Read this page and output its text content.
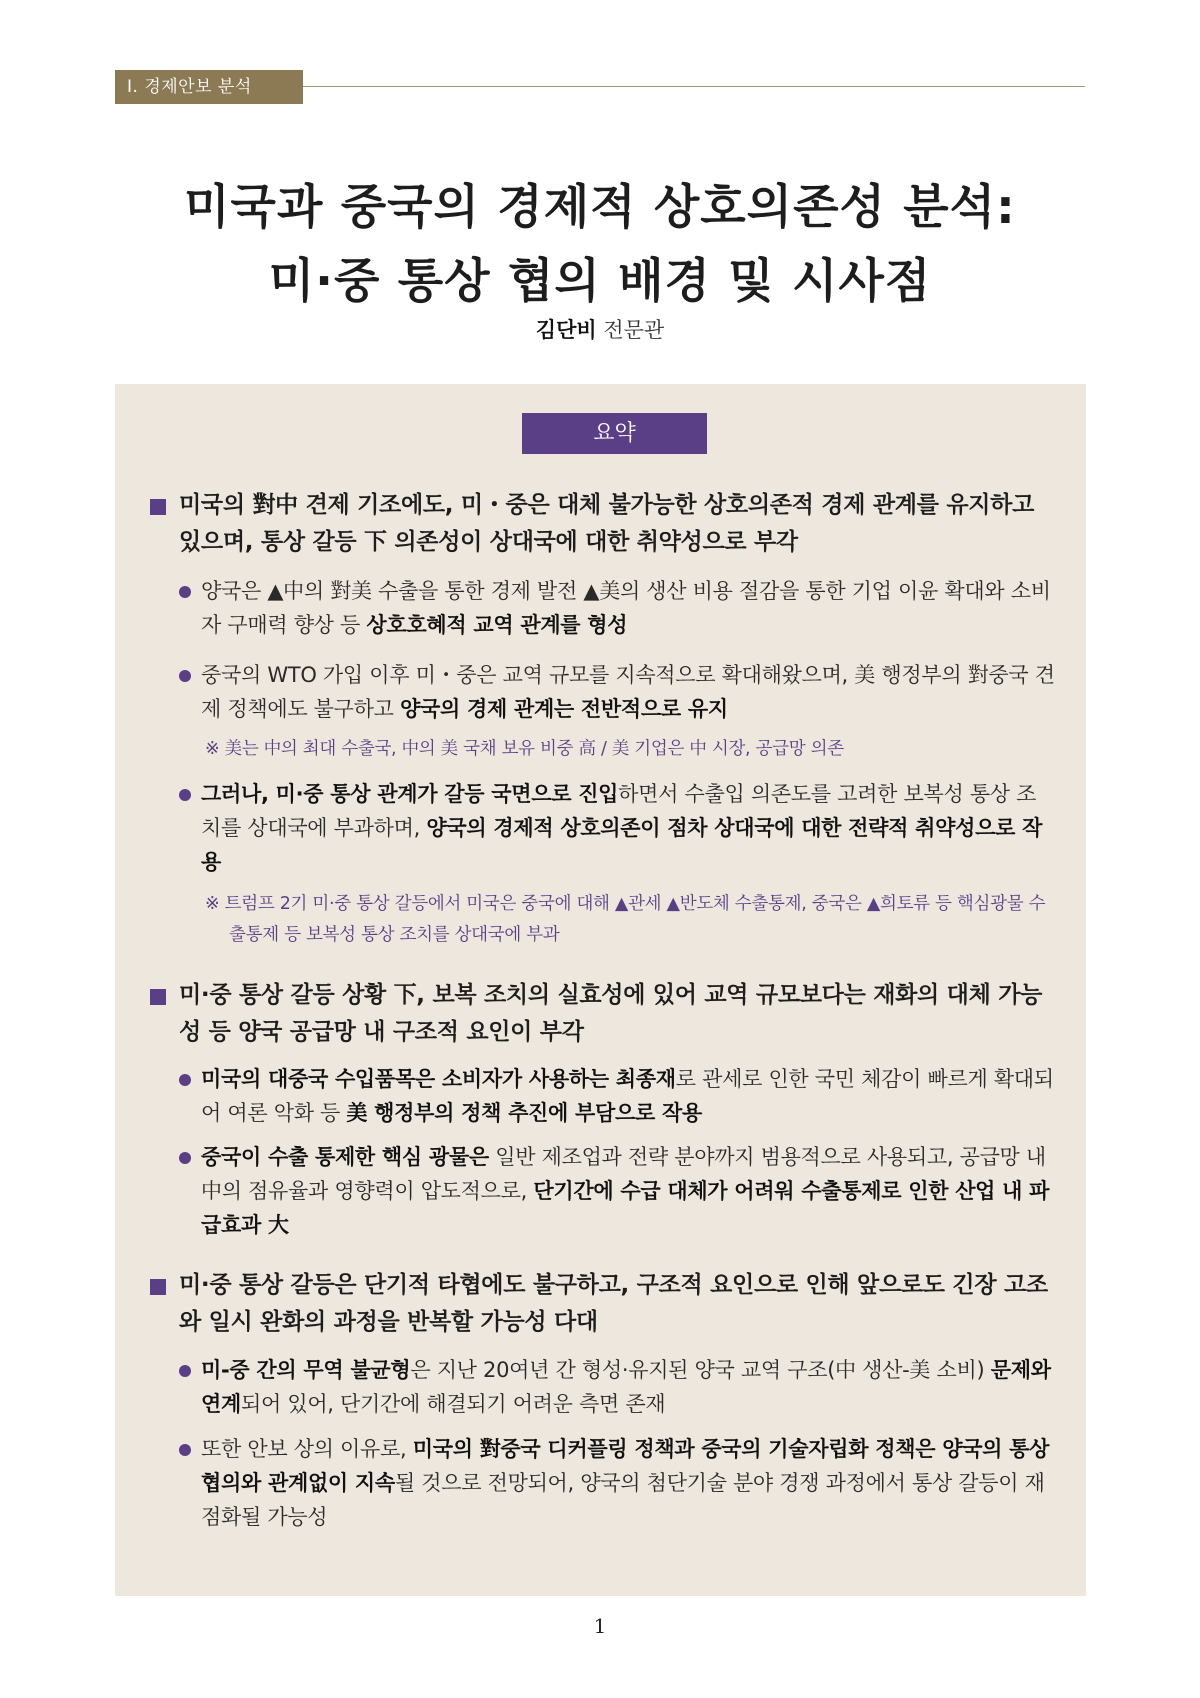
Ⅰ. 경제안보 분석
미국과 중국의 경제적 상호의존성 분석:
미·중 통상 협의 배경 및 시사점
김단비 전문관
요약
미국의 對中 견제 기조에도, 미・중은 대체 불가능한 상호의존적 경제 관계를 유지하고 있으며, 통상 갈등 下 의존성이 상대국에 대한 취약성으로 부각
양국은 ▲中의 對美 수출을 통한 경제 발전 ▲美의 생산 비용 절감을 통한 기업 이윤 확대와 소비자 구매력 향상 등 상호호혜적 교역 관계를 형성
중국의 WTO 가입 이후 미・중은 교역 규모를 지속적으로 확대해왔으며, 美 행정부의 對중국 견제 정책에도 불구하고 양국의 경제 관계는 전반적으로 유지
※ 美는 中의 최대 수출국, 中의 美 국채 보유 비중 高 / 美 기업은 中 시장, 공급망 의존
그러나, 미·중 통상 관계가 갈등 국면으로 진입하면서 수출입 의존도를 고려한 보복성 통상 조치를 상대국에 부과하며, 양국의 경제적 상호의존이 점차 상대국에 대한 전략적 취약성으로 작용
※ 트럼프 2기 미·중 통상 갈등에서 미국은 중국에 대해 ▲관세 ▲반도체 수출통제, 중국은 ▲희토류 등 핵심광물 수출통제 등 보복성 통상 조치를 상대국에 부과
미·중 통상 갈등 상황 下, 보복 조치의 실효성에 있어 교역 규모보다는 재화의 대체 가능성 등 양국 공급망 내 구조적 요인이 부각
미국의 대중국 수입품목은 소비자가 사용하는 최종재로 관세로 인한 국민 체감이 빠르게 확대되어 여론 악화 등 美 행정부의 정책 추진에 부담으로 작용
중국이 수출 통제한 핵심 광물은 일반 제조업과 전략 분야까지 범용적으로 사용되고, 공급망 내 中의 점유율과 영향력이 압도적으로, 단기간에 수급 대체가 어려워 수출통제로 인한 산업 내 파급효과 大
미·중 통상 갈등은 단기적 타협에도 불구하고, 구조적 요인으로 인해 앞으로도 긴장 고조와 일시 완화의 과정을 반복할 가능성 다대
미-중 간의 무역 불균형은 지난 20여년 간 형성·유지된 양국 교역 구조(中 생산-美 소비) 문제와 연계되어 있어, 단기간에 해결되기 어려운 측면 존재
또한 안보 상의 이유로, 미국의 對중국 디커플링 정책과 중국의 기술자립화 정책은 양국의 통상 협의와 관계없이 지속될 것으로 전망되어, 양국의 첨단기술 분야 경쟁 과정에서 통상 갈등이 재점화될 가능성
1
